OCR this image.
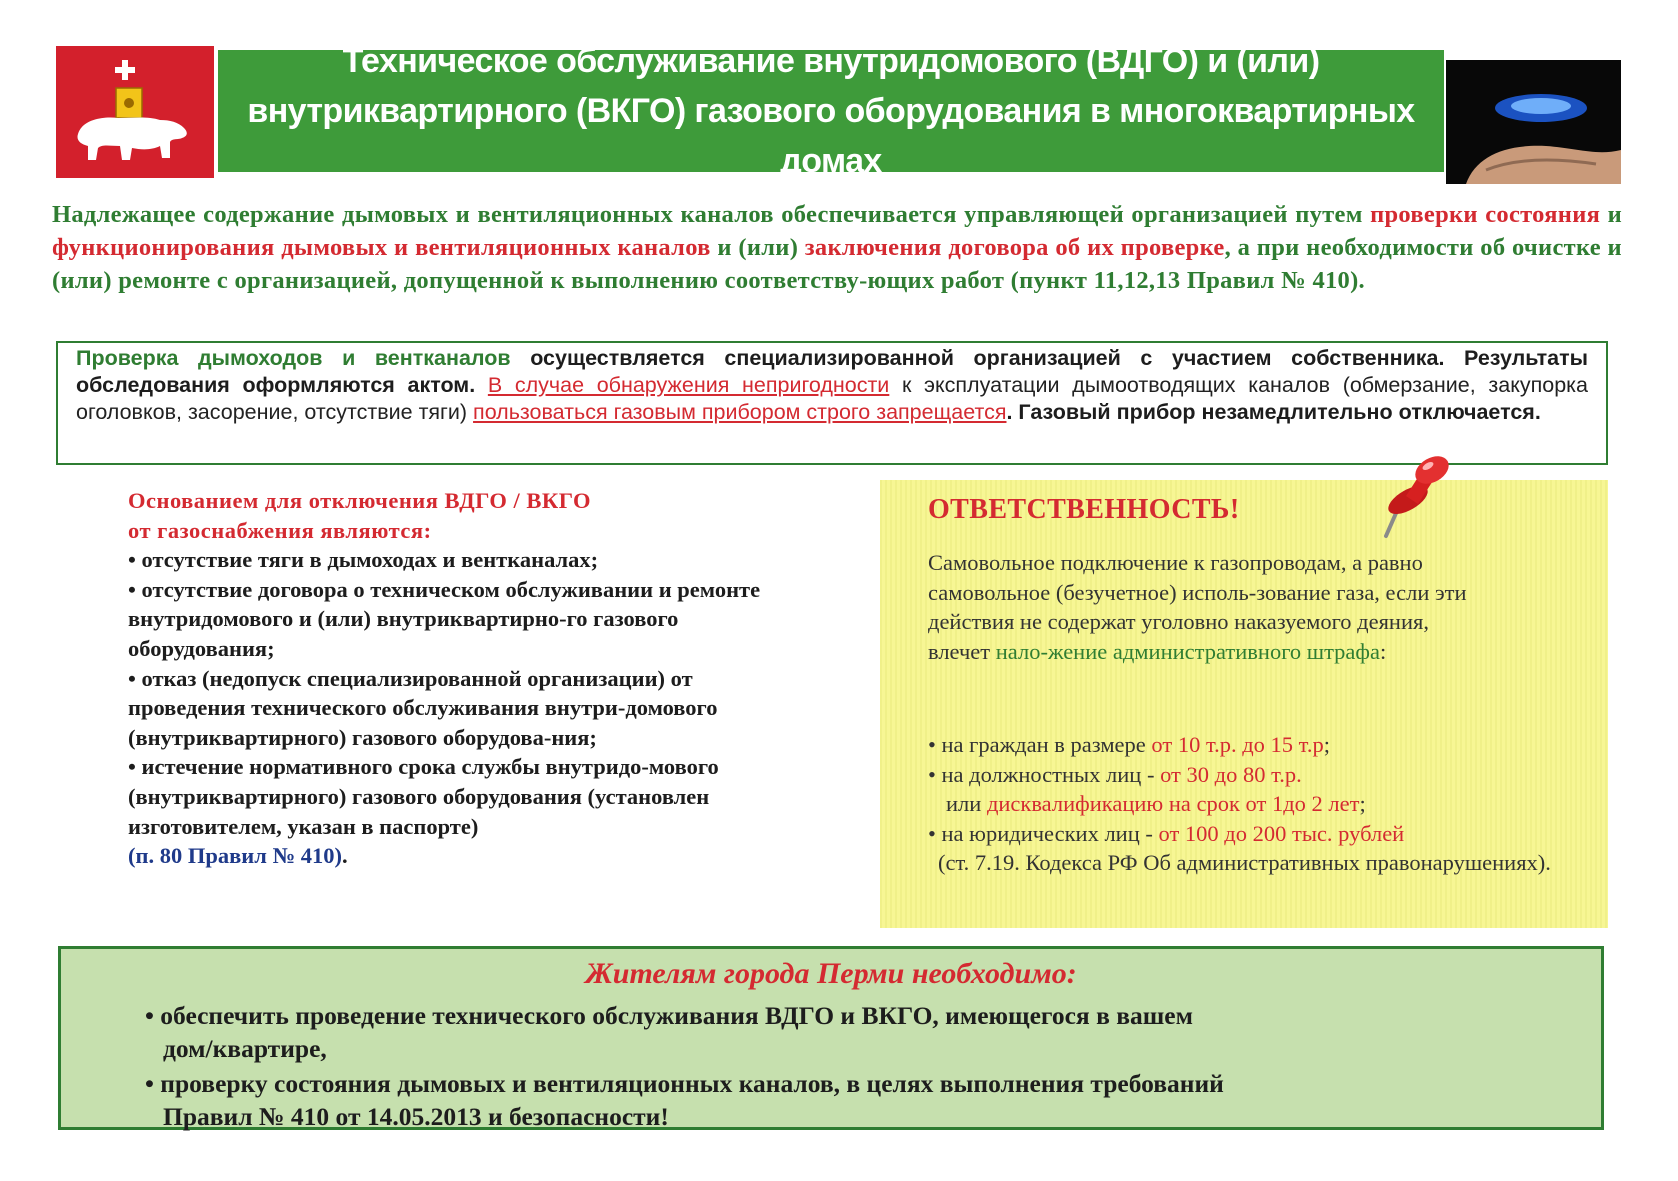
Техническое обслуживание внутридомового (ВДГО) и (или)
внутриквартирного (ВКГО) газового оборудования в многоквартирных домах
Надлежащее содержание дымовых и вентиляционных каналов обеспечивается управляющей организацией путем проверки состояния и функционирования дымовых и вентиляционных каналов и (или) заключения договора об их проверке, а при необходимости об очистке и (или) ремонте с организацией, допущенной к выполнению соответству-ющих работ (пункт 11,12,13 Правил № 410).
Проверка дымоходов и вентканалов осуществляется специализированной организацией с участием собственника. Результаты обследования оформляются актом. В случае обнаружения непригодности к эксплуатации дымоотводящих каналов (обмерзание, закупорка оголовков, засорение, отсутствие тяги) пользоваться газовым прибором строго запрещается. Газовый прибор незамедлительно отключается.

Основанием для отключения ВДГО / ВКГО

от газоснабжения являются:

• отсутствие тяги в дымоходах и вентканалах;

• отсутствие договора о техническом обслуживании и ремонте внутридомового и (или) внутриквартирно-го газового оборудования;

• отказ (недопуск специализированной организации) от проведения технического обслуживания внутри-домового (внутриквартирного) газового оборудова-ния;

• истечение нормативного срока службы внутридо-мового (внутриквартирного) газового оборудования (установлен изготовителем, указан в паспорте)

(п. 80 Правил № 410).

ОТВЕТСТВЕННОСТЬ!
Самовольное подключение к газопроводам, а равно самовольное (безучетное) исполь-зование газа, если эти действия не содержат уголовно наказуемого деяния, влечет нало-жение административного штрафа:

• на граждан в размере от 10 т.р. до 15 т.р;

• на должностных лиц - от 30 до 80 т.р.

или дисквалификацию на срок от 1до 2 лет;

• на юридических лиц - от 100 до 200 тыс. рублей

(ст. 7.19. Кодекса РФ Об административных правонарушениях).

Жителям города Перми необходимо:

• обеспечить проведение технического обслуживания ВДГО и ВКГО, имеющегося в вашем
дом/квартире,

• проверку состояния дымовых и вентиляционных каналов, в целях выполнения требований
Правил № 410 от 14.05.2013 и безопасности!
